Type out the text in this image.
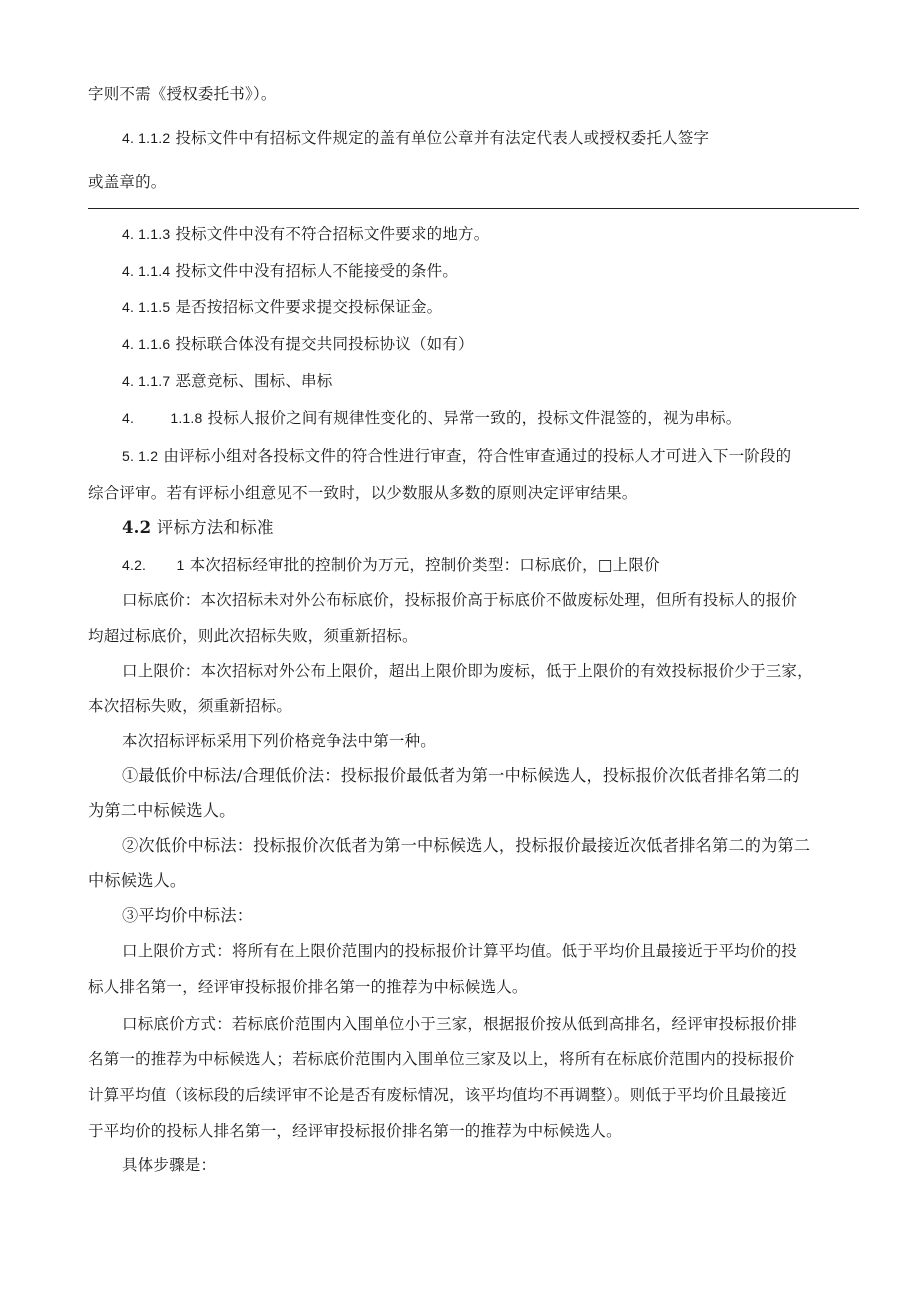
字则不需《授权委托书》）。
4. 1.1.2 投标文件中有招标文件规定的盖有单位公章并有法定代表人或授权委托人签字
或盖章的。
4. 1.1.3 投标文件中没有不符合招标文件要求的地方。
4. 1.1.4 投标文件中没有招标人不能接受的条件。
4. 1.1.5 是否按招标文件要求提交投标保证金。
4. 1.1.6 投标联合体没有提交共同投标协议（如有）
4. 1.1.7 恶意竞标、围标、串标
4.	1.1.8 投标人报价之间有规律性变化的、异常一致的，投标文件混签的，视为串标。
5. 1.2 由评标小组对各投标文件的符合性进行审查，符合性审查通过的投标人才可进入下一阶段的
综合评审。若有评标小组意见不一致时，以少数服从多数的原则决定评审结果。
4.2 评标方法和标准
4.2. 1 本次招标经审批的控制价为万元，控制价类型：口标底价，□上限价
口标底价：本次招标未对外公布标底价，投标报价高于标底价不做废标处理，但所有投标人的报价
均超过标底价，则此次招标失败，须重新招标。
口上限价：本次招标对外公布上限价，超出上限价即为废标，低于上限价的有效投标报价少于三家，
本次招标失败，须重新招标。
本次招标评标采用下列价格竞争法中第一种。
①最低价中标法/合理低价法：投标报价最低者为第一中标候选人，投标报价次低者排名第二的
为第二中标候选人。
②次低价中标法：投标报价次低者为第一中标候选人，投标报价最接近次低者排名第二的为第二
中标候选人。
③平均价中标法：
口上限价方式：将所有在上限价范围内的投标报价计算平均值。低于平均价且最接近于平均价的投
标人排名第一，经评审投标报价排名第一的推荐为中标候选人。
口标底价方式：若标底价范围内入围单位小于三家，根据报价按从低到高排名，经评审投标报价排
名第一的推荐为中标候选人；若标底价范围内入围单位三家及以上，将所有在标底价范围内的投标报价
计算平均值（该标段的后续评审不论是否有废标情况，该平均值均不再调整）。则低于平均价且最接近
于平均价的投标人排名第一，经评审投标报价排名第一的推荐为中标候选人。
具体步骤是：
